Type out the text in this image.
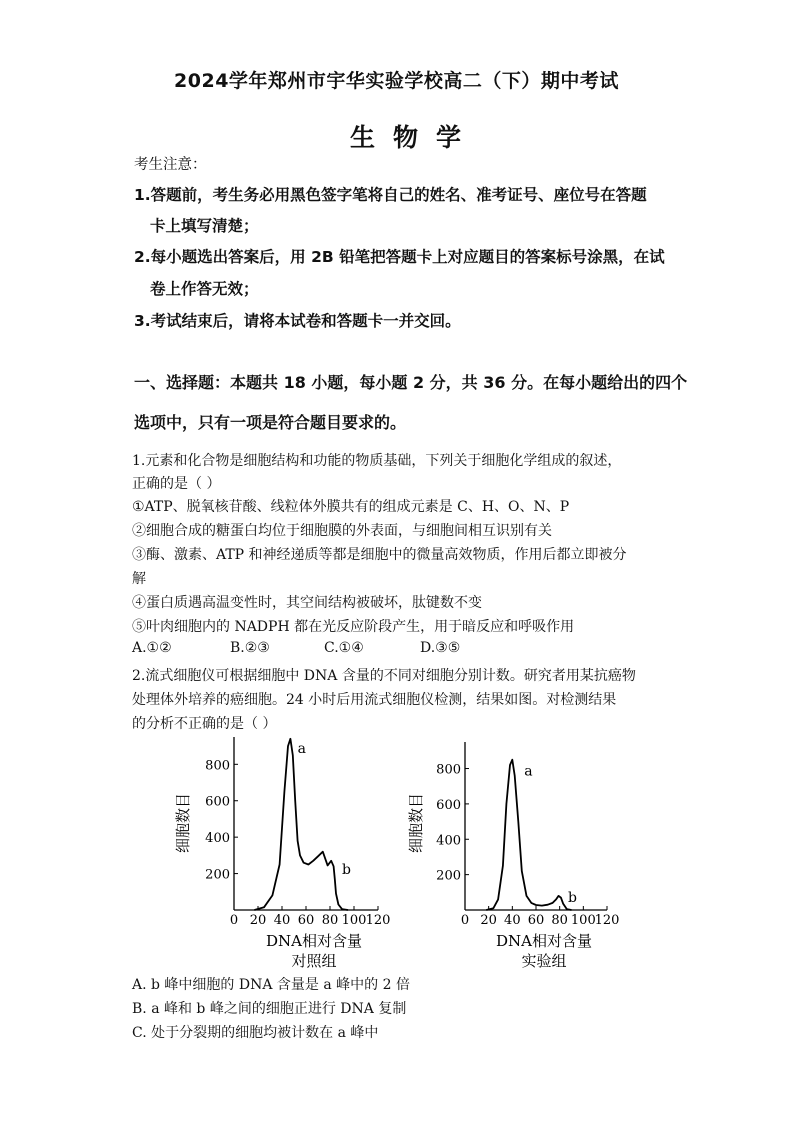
2024学年郑州市宇华实验学校高二（下）期中考试
生物学
考生注意：
1.答题前，考生务必用黑色签字笔将自己的姓名、准考证号、座位号在答题
卡上填写清楚；
2.每小题选出答案后，用 2B 铅笔把答题卡上对应题目的答案标号涂黑，在试
卷上作答无效；
3.考试结束后，请将本试卷和答题卡一并交回。
一、选择题：本题共 18 小题，每小题 2 分，共 36 分。在每小题给出的四个
选项中，只有一项是符合题目要求的。
1.元素和化合物是细胞结构和功能的物质基础，下列关于细胞化学组成的叙述，
正确的是（ ）
①ATP、脱氧核苷酸、线粒体外膜共有的组成元素是 C、H、O、N、P
②细胞合成的糖蛋白均位于细胞膜的外表面，与细胞间相互识别有关
③酶、激素、ATP 和神经递质等都是细胞中的微量高效物质，作用后都立即被分
解
④蛋白质遇高温变性时，其空间结构被破坏，肽键数不变
⑤叶肉细胞内的 NADPH 都在光反应阶段产生，用于暗反应和呼吸作用
A.①②	B.②③	C.①④	D.③⑤
2.流式细胞仪可根据细胞中 DNA 含量的不同对细胞分别计数。研究者用某抗癌物
处理体外培养的癌细胞。24 小时后用流式细胞仪检测，结果如图。对检测结果
的分析不正确的是（ ）
0 20 40 60 80 100 120
200
400
600
800
a
b
细胞数目
DNA相对含量
对照组
0 20 40 60 80 100
120
200
400
600
800	a
b
细胞数目
DNA相对含量
实验组
A. b 峰中细胞的 DNA 含量是 a 峰中的 2 倍
B. a 峰和 b 峰之间的细胞正进行 DNA 复制
C. 处于分裂期的细胞均被计数在 a 峰中
